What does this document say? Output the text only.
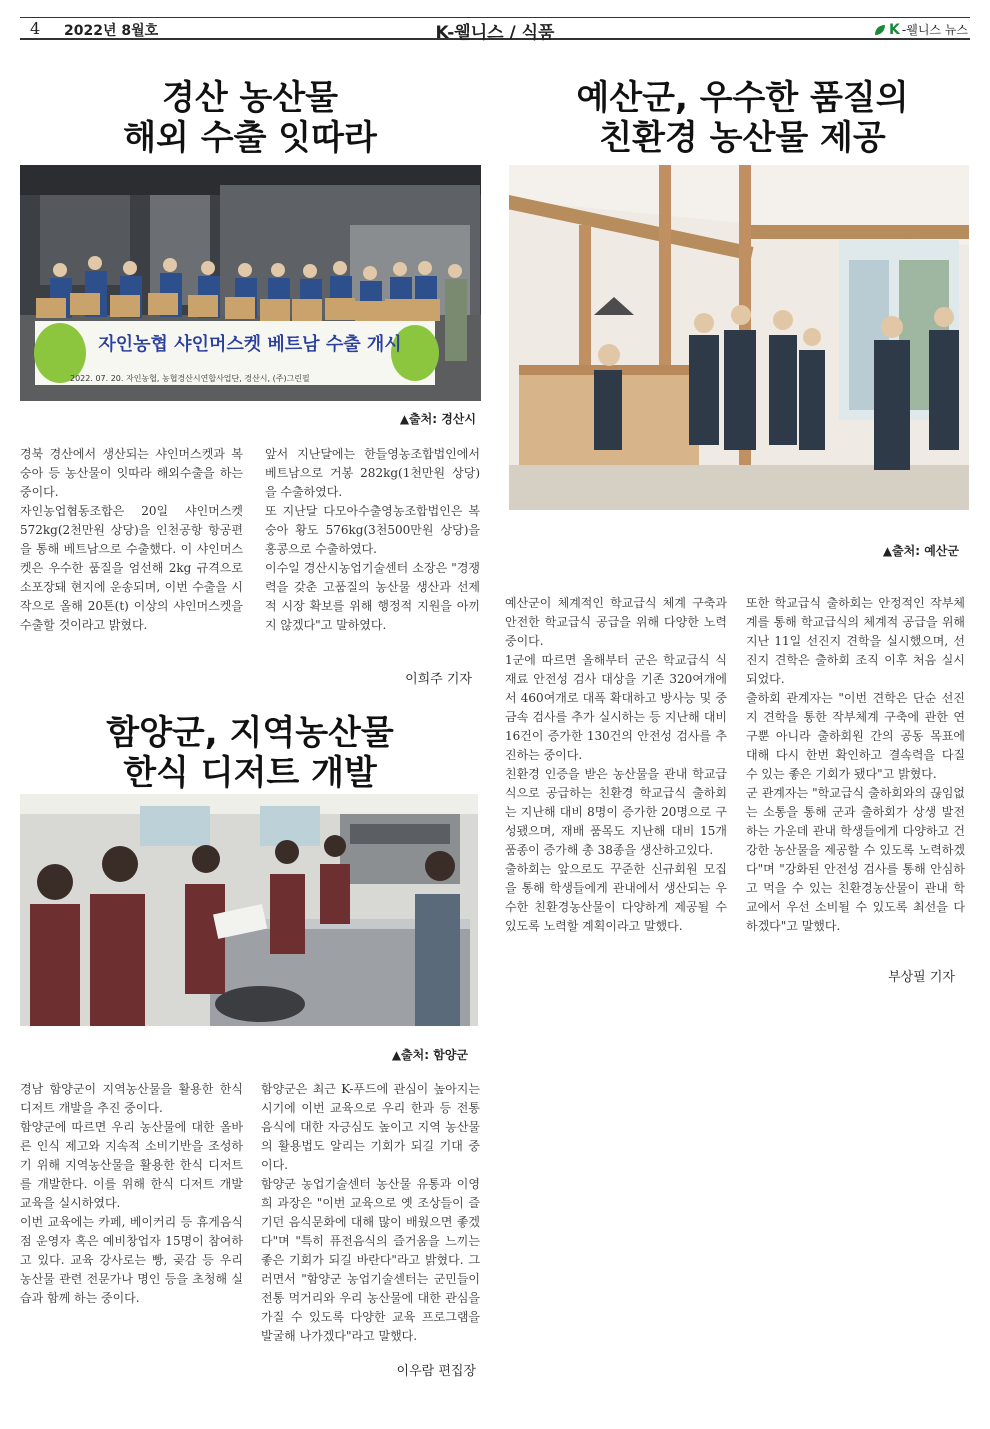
4 2022년 8월호	K-웰니스 / 식품	K -웰니스 뉴스
경산 농산물
해외 수출 잇따라
자인농협 샤인머스켓 베트남 수출 개시
2022. 07. 20. 자인농협, 농협경산시연합사업단, 경산시, (주)그린필
▲출처: 경산시
경북 경산에서 생산되는 샤인머스켓과 복숭아 등 농산물이 잇따라 해외수출을 하는 중이다.
자인농업협동조합은 20일 샤인머스켓 572kg(2천만원 상당)을 인천공항 항공편을 통해 베트남으로 수출했다. 이 샤인머스켓은 우수한 품질을 엄선해 2kg 규격으로 소포장돼 현지에 운송되며, 이번 수출을 시작으로 올해 20톤(t) 이상의 샤인머스켓을 수출할 것이라고 밝혔다.
앞서 지난달에는 한들영농조합법인에서 베트남으로 거봉 282kg(1천만원 상당)을 수출하였다.
또 지난달 다모아수출영농조합법인은 복숭아 황도 576kg(3천500만원 상당)을 홍콩으로 수출하였다.
이수일 경산시농업기술센터 소장은 "경쟁력을 갖춘 고품질의 농산물 생산과 선제적 시장 확보를 위해 행정적 지원을 아끼지 않겠다"고 말하였다.
이희주 기자
예산군, 우수한 품질의
친환경 농산물 제공
▲출처: 예산군
예산군이 체계적인 학교급식 체계 구축과 안전한 학교급식 공급을 위해 다양한 노력 중이다.
1군에 따르면 올해부터 군은 학교급식 식재료 안전성 검사 대상을 기존 320여개에서 460여개로 대폭 확대하고 방사능 및 중금속 검사를 추가 실시하는 등 지난해 대비 16건이 증가한 130건의 안전성 검사를 추진하는 중이다.
친환경 인증을 받은 농산물을 관내 학교급식으로 공급하는 친환경 학교급식 출하회는 지난해 대비 8명이 증가한 20명으로 구성됐으며, 재배 품목도 지난해 대비 15개 품종이 증가해 총 38종을 생산하고있다.
출하회는 앞으로도 꾸준한 신규회원 모집을 통해 학생들에게 관내에서 생산되는 우수한 친환경농산물이 다양하게 제공될 수 있도록 노력할 계획이라고 말했다.
또한 학교급식 출하회는 안정적인 작부체계를 통해 학교급식의 체계적 공급을 위해 지난 11일 선진지 견학을 실시했으며, 선진지 견학은 출하회 조직 이후 처음 실시되었다.
출하회 관계자는 "이번 견학은 단순 선진지 견학을 통한 작부체계 구축에 관한 연구뿐 아니라 출하회원 간의 공동 목표에 대해 다시 한번 확인하고 결속력을 다질 수 있는 좋은 기회가 됐다"고 밝혔다.
군 관계자는 "학교급식 출하회와의 끊임없는 소통을 통해 군과 출하회가 상생 발전하는 가운데 관내 학생들에게 다양하고 건강한 농산물을 제공할 수 있도록 노력하겠다"며 "강화된 안전성 검사를 통해 안심하고 먹을 수 있는 친환경농산물이 관내 학교에서 우선 소비될 수 있도록 최선을 다하겠다"고 말했다.
부상필 기자
함양군, 지역농산물
한식 디저트 개발
▲출처: 함양군
경남 함양군이 지역농산물을 활용한 한식 디저트 개발을 추진 중이다.
함양군에 따르면 우리 농산물에 대한 올바른 인식 제고와 지속적 소비기반을 조성하기 위해 지역농산물을 활용한 한식 디저트를 개발한다. 이를 위해 한식 디저트 개발 교육을 실시하였다.
이번 교육에는 카페, 베이커리 등 휴게음식점 운영자 혹은 예비창업자 15명이 참여하고 있다. 교육 강사로는 빵, 곶감 등 우리 농산물 관련 전문가나 명인 등을 초청해 실습과 함께 하는 중이다.
함양군은 최근 K-푸드에 관심이 높아지는 시기에 이번 교육으로 우리 한과 등 전통 음식에 대한 자긍심도 높이고 지역 농산물의 활용법도 알리는 기회가 되길 기대 중이다.
함양군 농업기술센터 농산물 유통과 이영희 과장은 "이번 교육으로 옛 조상들이 즐기던 음식문화에 대해 많이 배웠으면 좋겠다"며 "특히 퓨전음식의 즐거움을 느끼는 좋은 기회가 되길 바란다"라고 밝혔다. 그러면서 "함양군 농업기술센터는 군민들이 전통 먹거리와 우리 농산물에 대한 관심을 가질 수 있도록 다양한 교육 프로그램을 발굴해 나가겠다"라고 말했다.
이우람 편집장
